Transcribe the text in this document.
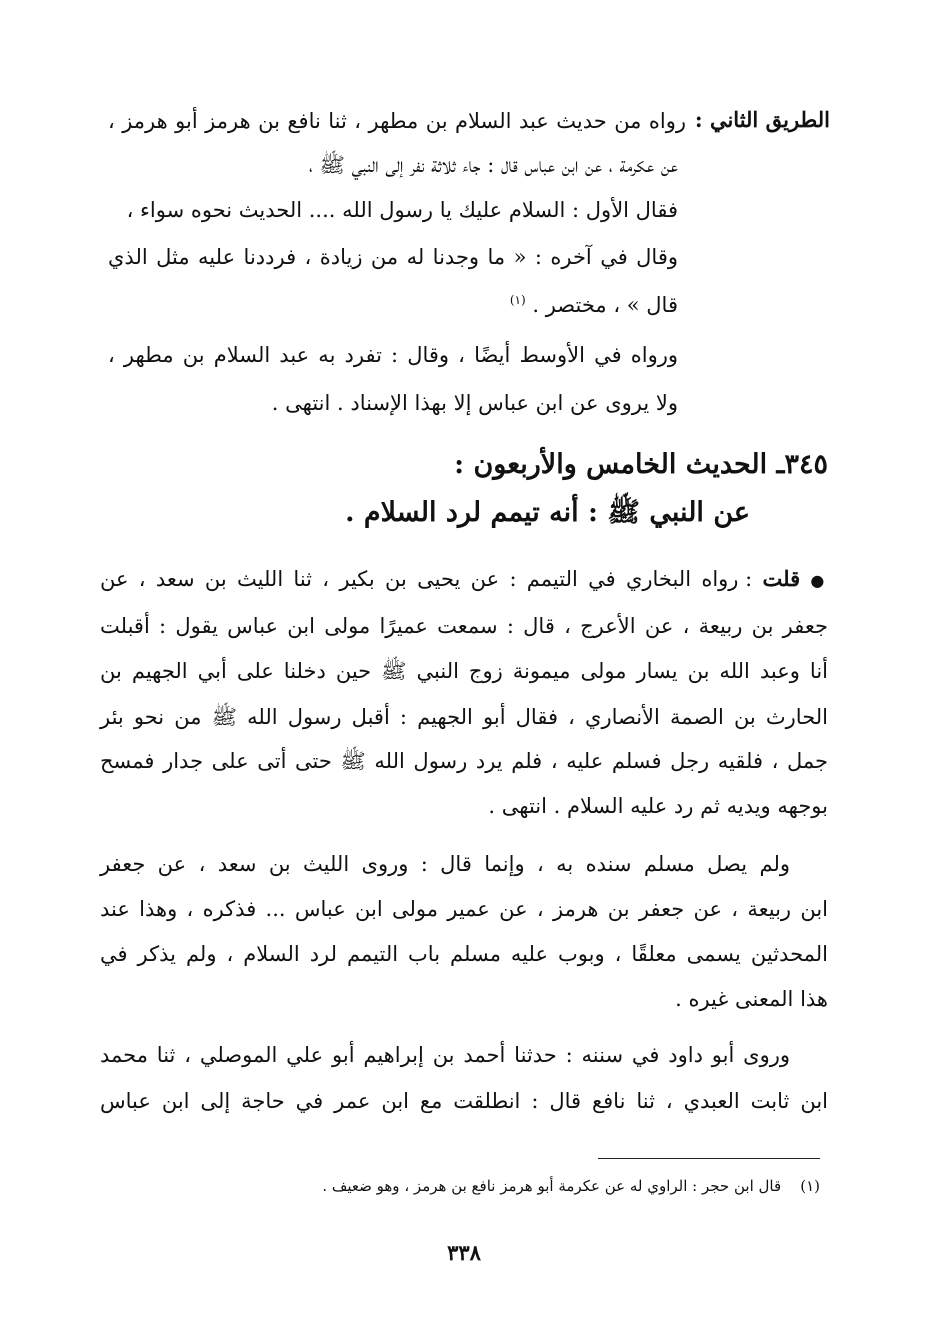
الطريق الثاني :
رواه من حديث عبد السلام بن مطهر ، ثنا نافع بن هرمز أبو هرمز ،
عن عكرمة ، عن ابن عباس قال : جاء ثلاثة نفر إلى النبي ﷺ ،
فقال الأول : السلام عليك يا رسول الله .... الحديث نحوه سواء ،
وقال في آخره : « ما وجدنا له من زيادة ، فرددنا عليه مثل الذي
قال » ، مختصر . $^{(١)}$
ورواه في الأوسط أيضًا ، وقال : تفرد به عبد السلام بن مطهر ،
ولا يروى عن ابن عباس إلا بهذا الإسناد . انتهى .
٣٤٥ـ الحديث الخامس والأربعون :
عن النبي ﷺ : أنه تيمم لرد السلام .
● قلت : رواه البخاري في التيمم : عن يحيى بن بكير ، ثنا الليث بن سعد ، عن
جعفر بن ربيعة ، عن الأعرج ، قال : سمعت عميرًا مولى ابن عباس يقول : أقبلت
أنا وعبد الله بن يسار مولى ميمونة زوج النبي ﷺ حين دخلنا على أبي الجهيم بن
الحارث بن الصمة الأنصاري ، فقال أبو الجهيم : أقبل رسول الله ﷺ من نحو بئر
جمل ، فلقيه رجل فسلم عليه ، فلم يرد رسول الله ﷺ حتى أتى على جدار فمسح
بوجهه ويديه ثم رد عليه السلام . انتهى .
ولم يصل مسلم سنده به ، وإنما قال : وروى الليث بن سعد ، عن جعفر
ابن ربيعة ، عن جعفر بن هرمز ، عن عمير مولى ابن عباس ... فذكره ، وهذا عند
المحدثين يسمى معلقًا ، وبوب عليه مسلم باب التيمم لرد السلام ، ولم يذكر في
هذا المعنى غيره .
وروى أبو داود في سننه : حدثنا أحمد بن إبراهيم أبو علي الموصلي ، ثنا محمد
ابن ثابت العبدي ، ثنا نافع قال : انطلقت مع ابن عمر في حاجة إلى ابن عباس
(١)    قال ابن حجر : الراوي له عن عكرمة أبو هرمز نافع بن هرمز ، وهو ضعيف .
٣٣٨
